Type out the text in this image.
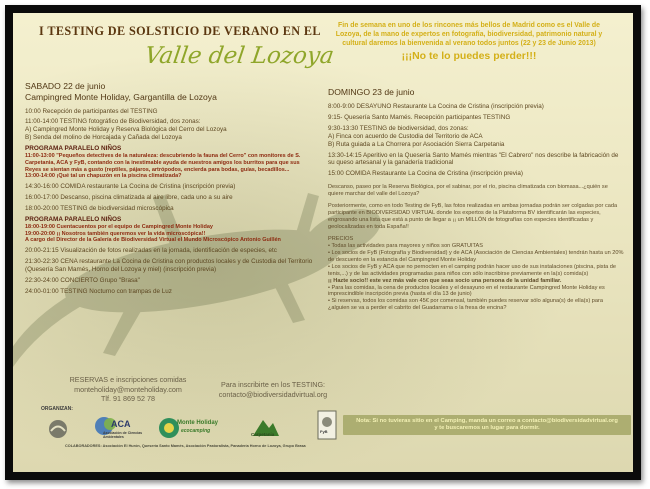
I TESTING DE SOLSTICIO DE VERANO EN EL
Valle del Lozoya
Fin de semana en uno de los rincones más bellos de Madrid como es el Valle de Lozoya, de la mano de expertos en fotografía, biodiversidad, patrimonio natural y cultural daremos la bienvenida al verano todos juntos (22 y 23 de Junio 2013)
¡¡¡No te lo puedes perder!!!
SABADO 22 de junio
Campingred Monte Holiday, Gargantilla de Lozoya
10:00 Recepción de participantes del TESTING
11:00-14:00 TESTING fotográfico de Biodiversidad, dos zonas:
A) Campingred Monte Holiday y Reserva Biológica del Cerro del Lozoya
B) Senda del molino de Horcajada y Cañada del Lozoya
PROGRAMA PARALELO NIÑOS
11:00-13:00 "Pequeños detectives de la naturaleza: descubriendo la fauna del Cerro" con monitores de S. Carpetania, ACA y FyB, contando con la inestimable ayuda de nuestros amigos los burritos para que sus Reyes se sientan más a gusto (reptiles, pájaros, artrópodos, encierda para bodas, guías, becadillos...
13:00-14:00 ¡Qué tal un chapuzón en la piscina climatizada?
14:30-16:00 COMIDA restaurante La Cocina de Cristina (inscripción previa)
16:00-17:00 Descanso, piscina climatizada al aire libre, cada uno a su aire
18:00-20:00 TESTING de biodiversidad microscópica
PROGRAMA PARALELO NIÑOS
18:00-19:00 Cuentacuentos por el equipo de Campingred Monte Holiday
19:00-20:00 ¡¡ Nosotros también queremos ver la vida microscópica!!
A cargo del Director de la Galería de Biodiversidad Virtual el Mundo Microscópico Antonio Guillén
20:00-21:15 Visualización de fotos realizadas en la jornada, identificación de especies, etc
21:30-22:30 CENA restaurante La Cocina de Cristina con productos locales y de Custodia del Territorio (Quesería San Mamés, Horno del Lozoya y miel) (inscripción previa)
22:30-24:00 CONCIERTO Grupo "Brasa"
24:00-01:00 TESTING Nocturno con trampas de Luz
RESERVAS e inscripciones comidas
monteholiday@monteholiday.com
Tlf. 91 869 52 78
Para inscribirte en los TESTING:
contacto@biodiversidadvirtual.org
DOMINGO 23 de junio
8:00-9:00 DESAYUNO Restaurante La Cocina de Cristina (inscripción previa)
9:15- Quesería Santo Mamés. Recepción participantes TESTING
9:30-13:30 TESTING de biodiversidad, dos zonas:
A) Finca con acuerdo de Custodia del Territorio de ACA
B) Ruta guiada a La Chorrera por Asociación Sierra Carpetania
13:30-14:15 Aperitivo en la Quesería Santo Mamés mientras "El Cabrero" nos describe la fabricación de su queso artesanal y la ganadería tradicional
15:00 COMIDA Restaurante La Cocina de Cristina (inscripción previa)
Descanso, paseo por la Reserva Biológica, por el sabinar, por el río, piscina climatizada con biomasa...¿quién se quiere marchar del valle del Lozoya?
Posteriormente, como en todo Testing de FyB, las fotos realizadas en ambas jornadas podrán ser colgadas por cada participante en BIODIVERSIDAD VIRTUAL donde los expertos de la Plataforma BV identificarán las especies, engrosando una lista que está a punto de llegar a ¡¡ un MILLÓN de fotografías con especies identificadas y geolocalizadas en toda España!!
PRECIOS
• Todas las actividades para mayores y niños son GRATUITAS
• Los socios de FyB (Fotografía y Biodiversidad) y de ACA (Asociación de Ciencias Ambientales) tendrán hasta un 20% de descuento en la estancia del Campingred Monte Holiday
• Los socios de FyB y ACA que no pernocten en el camping podrán hacer uso de sus instalaciones (piscina, pista de tenis,...) y de las actividades programadas para niños con sólo inscribirse previamente en la(s) comida(s)
¡¡ Hazte socio!! este vez más vale con que seas socio una persona de la unidad familiar.
• Para las comidas, la cena de productos locales y el desayuno en el restaurante Campingred Monte Holiday es imprescindible inscripción previa (hasta el día 13 de junio)
• Si reservas, todos los comidas son 45€ por comensal, también puedes reservar sólo alguna(s) de ella(s) para ¿alguien se va a perder el cabrito del Guadarrama o la fresa de encina?
ORGANIZAN:
ACA
Asociación de Ciencias Ambientales
Monte Holiday
ecocamping
Carpetania
FyB
COLABORADORES: Asociación El Hurón, Quesería Santo Mamés, Asociación Pastoralista, Panadería Horno de Lozoya, Grupo Brasa
Nota: Si no tuvieras sitio en el Camping, manda un correo a contacto@biodiversidadvirtual.org
y te buscaremos un lugar para dormir.
